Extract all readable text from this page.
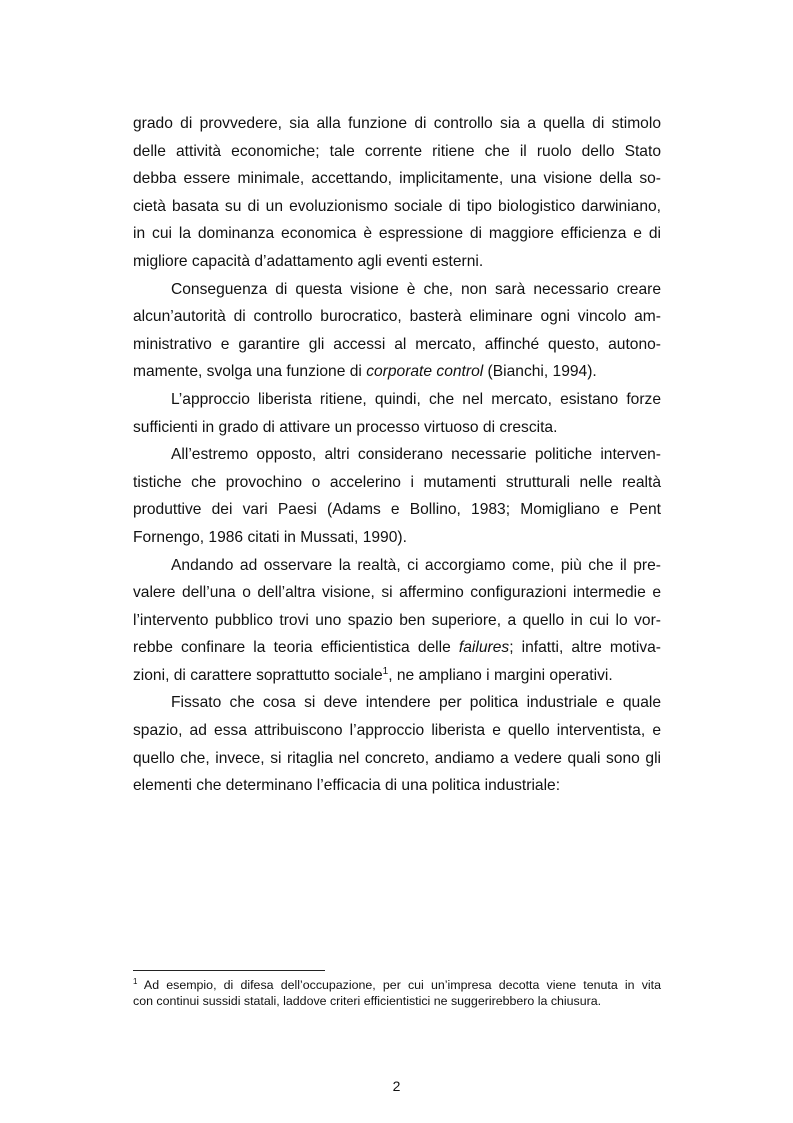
grado di provvedere, sia alla funzione di controllo sia a quella di stimolo
delle attività economiche; tale corrente ritiene che il ruolo dello Stato
debba essere minimale, accettando, implicitamente, una visione della so-
cietà basata su di un evoluzionismo sociale di tipo biologistico darwiniano,
in cui la dominanza economica è espressione di maggiore efficienza e di
migliore capacità d’adattamento agli eventi esterni.
Conseguenza di questa visione è che, non sarà necessario creare
alcun’autorità di controllo burocratico, basterà eliminare ogni vincolo am-
ministrativo e garantire gli accessi al mercato, affinché questo, autono-
mamente, svolga una funzione di corporate control (Bianchi, 1994).
L’approccio liberista ritiene, quindi, che nel mercato, esistano forze
sufficienti in grado di attivare un processo virtuoso di crescita.
All’estremo opposto, altri considerano necessarie politiche interven-
tistiche che provochino o accelerino i mutamenti strutturali nelle realtà
produttive dei vari Paesi (Adams e Bollino, 1983; Momigliano e Pent
Fornengo, 1986 citati in Mussati, 1990).
Andando ad osservare la realtà, ci accorgiamo come, più che il pre-
valere dell’una o dell’altra visione, si affermino configurazioni intermedie e
l’intervento pubblico trovi uno spazio ben superiore, a quello in cui lo vor-
rebbe confinare la teoria efficientistica delle failures; infatti, altre motiva-
zioni, di carattere soprattutto sociale$^1$, ne ampliano i margini operativi.
Fissato che cosa si deve intendere per politica industriale e quale
spazio, ad essa attribuiscono l’approccio liberista e quello interventista, e
quello che, invece, si ritaglia nel concreto, andiamo a vedere quali sono gli
elementi che determinano l’efficacia di una politica industriale:
$^1$ Ad esempio, di difesa dell’occupazione, per cui un’impresa decotta viene tenuta in vita
con continui sussidi statali, laddove criteri efficientistici ne suggerirebbero la chiusura.
2
